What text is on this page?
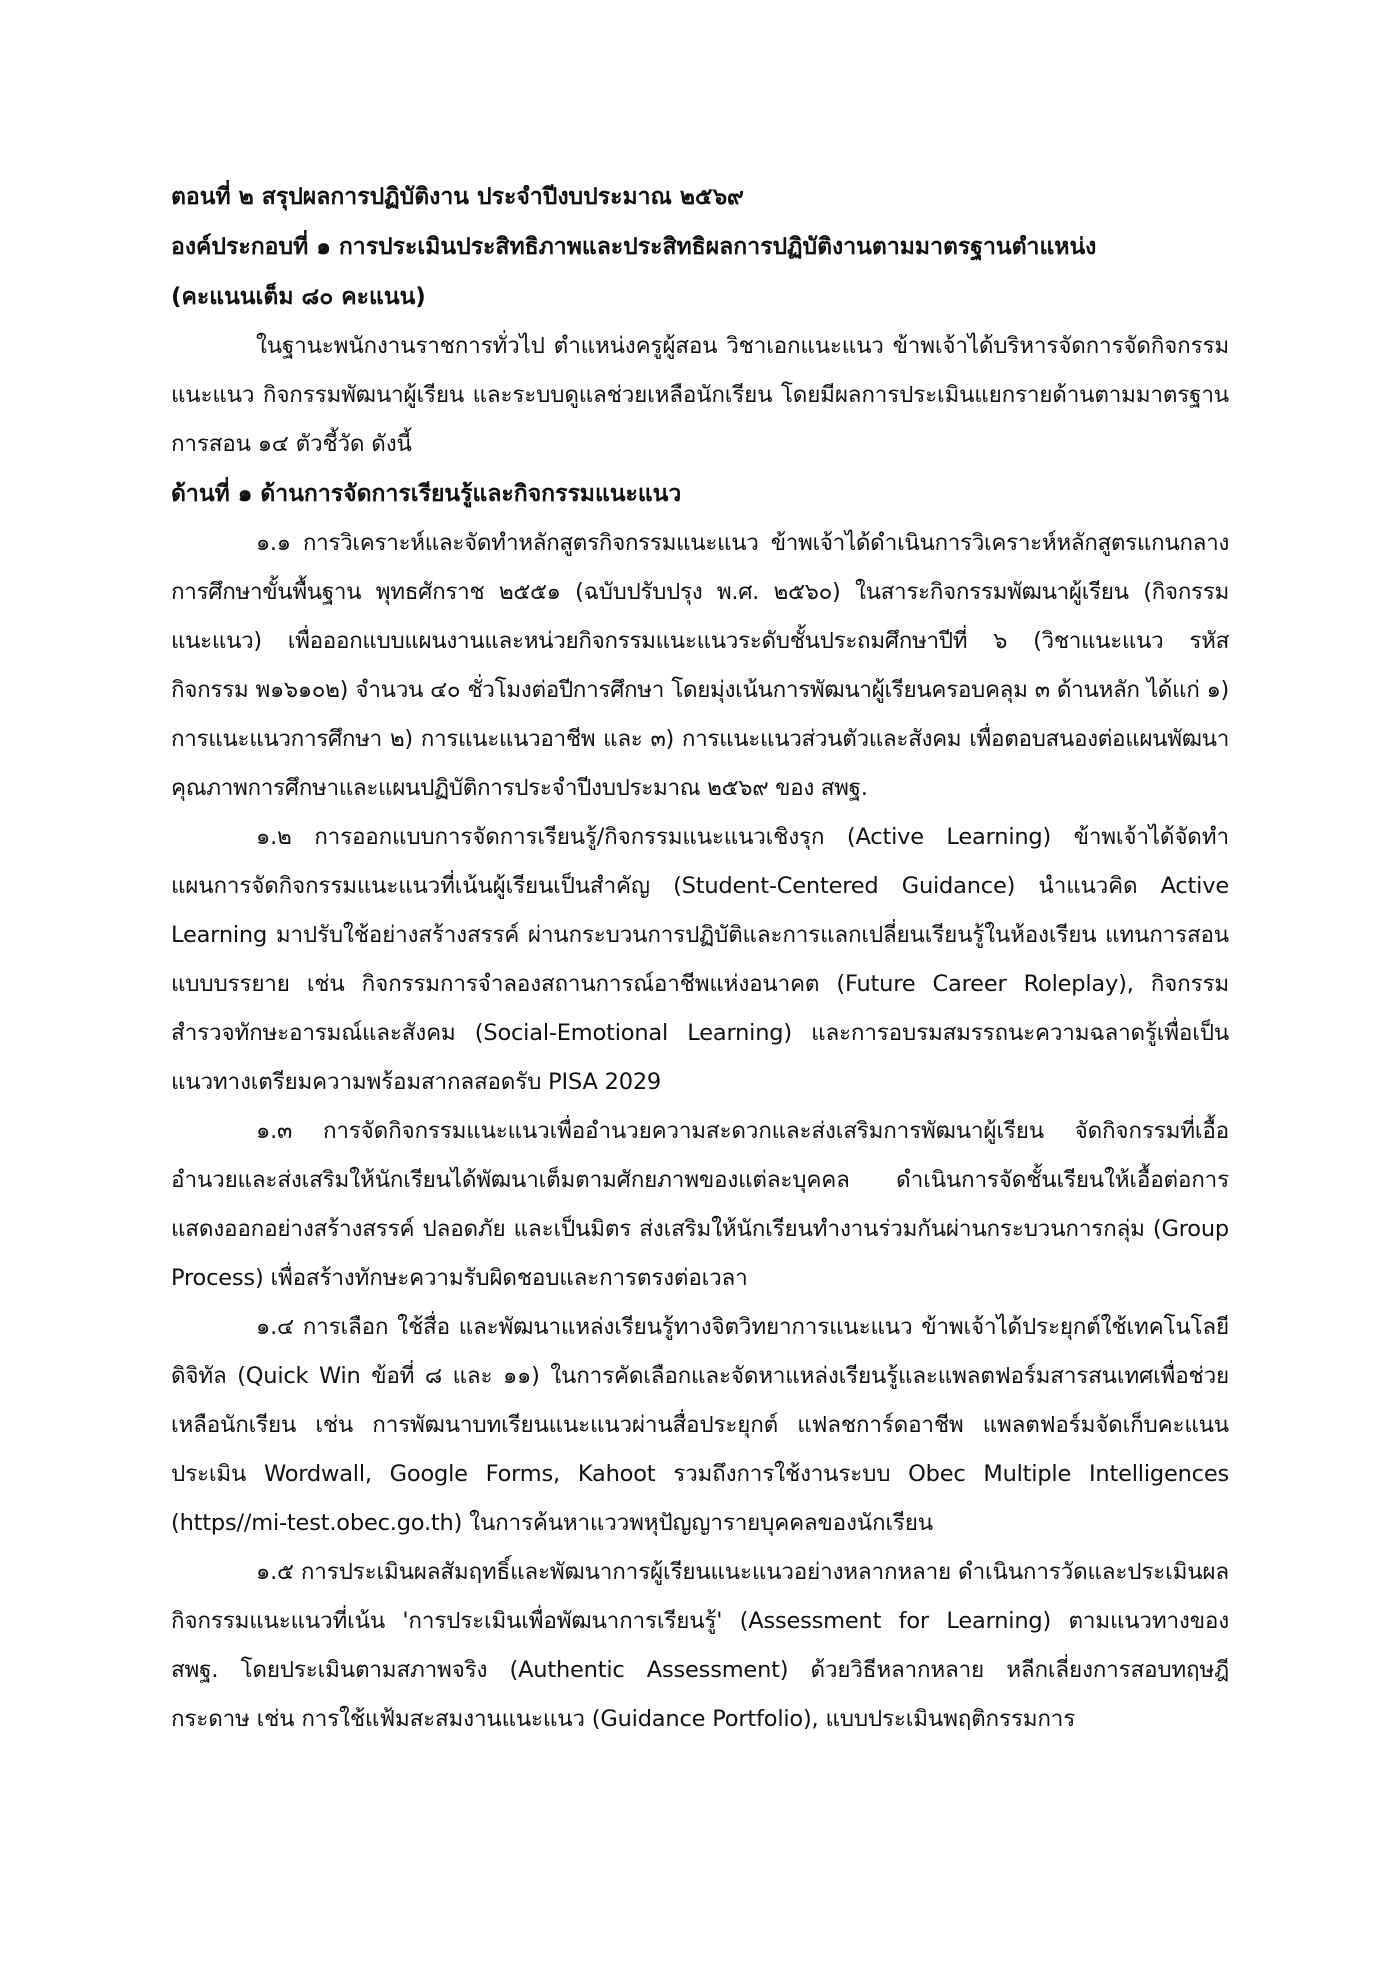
ตอนที่ ๒ สรุปผลการปฏิบัติงาน ประจำปีงบประมาณ ๒๕๖๙

องค์ประกอบที่ ๑ การประเมินประสิทธิภาพและประสิทธิผลการปฏิบัติงานตามมาตรฐานตำแหน่ง

(คะแนนเต็ม ๘๐ คะแนน)

ในฐานะพนักงานราชการทั่วไป ตำแหน่งครูผู้สอน วิชาเอกแนะแนว ข้าพเจ้าได้บริหารจัดการจัดกิจกรรมแนะแนว กิจกรรมพัฒนาผู้เรียน และระบบดูแลช่วยเหลือนักเรียน โดยมีผลการประเมินแยกรายด้านตามมาตรฐานการสอน ๑๔ ตัวชี้วัด ดังนี้

ด้านที่ ๑ ด้านการจัดการเรียนรู้และกิจกรรมแนะแนว

๑.๑ การวิเคราะห์และจัดทำหลักสูตรกิจกรรมแนะแนว ข้าพเจ้าได้ดำเนินการวิเคราะห์หลักสูตรแกนกลางการศึกษาขั้นพื้นฐาน พุทธศักราช ๒๕๕๑ (ฉบับปรับปรุง พ.ศ. ๒๕๖๐) ในสาระกิจกรรมพัฒนาผู้เรียน (กิจกรรมแนะแนว) เพื่อออกแบบแผนงานและหน่วยกิจกรรมแนะแนวระดับชั้นประถมศึกษาปีที่ ๖ (วิชาแนะแนว รหัสกิจกรรม พ๑๖๑๐๒) จำนวน ๔๐ ชั่วโมงต่อปีการศึกษา โดยมุ่งเน้นการพัฒนาผู้เรียนครอบคลุม ๓ ด้านหลัก ได้แก่ ๑) การแนะแนวการศึกษา ๒) การแนะแนวอาชีพ และ ๓) การแนะแนวส่วนตัวและสังคม เพื่อตอบสนองต่อแผนพัฒนาคุณภาพการศึกษาและแผนปฏิบัติการประจำปีงบประมาณ ๒๕๖๙ ของ สพฐ.

๑.๒ การออกแบบการจัดการเรียนรู้/กิจกรรมแนะแนวเชิงรุก (Active Learning) ข้าพเจ้าได้จัดทำแผนการจัดกิจกรรมแนะแนวที่เน้นผู้เรียนเป็นสำคัญ (Student-Centered Guidance) นำแนวคิด Active Learning มาปรับใช้อย่างสร้างสรรค์ ผ่านกระบวนการปฏิบัติและการแลกเปลี่ยนเรียนรู้ในห้องเรียน แทนการสอนแบบบรรยาย เช่น กิจกรรมการจำลองสถานการณ์อาชีพแห่งอนาคต (Future Career Roleplay), กิจกรรมสำรวจทักษะอารมณ์และสังคม (Social-Emotional Learning) และการอบรมสมรรถนะความฉลาดรู้เพื่อเป็นแนวทางเตรียมความพร้อมสากลสอดรับ PISA 2029

๑.๓ การจัดกิจกรรมแนะแนวเพื่ออำนวยความสะดวกและส่งเสริมการพัฒนาผู้เรียน จัดกิจกรรมที่เอื้ออำนวยและส่งเสริมให้นักเรียนได้พัฒนาเต็มตามศักยภาพของแต่ละบุคคล ดำเนินการจัดชั้นเรียนให้เอื้อต่อการแสดงออกอย่างสร้างสรรค์ ปลอดภัย และเป็นมิตร ส่งเสริมให้นักเรียนทำงานร่วมกันผ่านกระบวนการกลุ่ม (Group Process) เพื่อสร้างทักษะความรับผิดชอบและการตรงต่อเวลา

๑.๔ การเลือก ใช้สื่อ และพัฒนาแหล่งเรียนรู้ทางจิตวิทยาการแนะแนว ข้าพเจ้าได้ประยุกต์ใช้เทคโนโลยีดิจิทัล (Quick Win ข้อที่ ๘ และ ๑๑) ในการคัดเลือกและจัดหาแหล่งเรียนรู้และแพลตฟอร์มสารสนเทศเพื่อช่วยเหลือนักเรียน เช่น การพัฒนาบทเรียนแนะแนวผ่านสื่อประยุกต์ แฟลชการ์ดอาชีพ แพลตฟอร์มจัดเก็บคะแนนประเมิน Wordwall, Google Forms, Kahoot รวมถึงการใช้งานระบบ Obec Multiple Intelligences (https//mi-test.obec.go.th) ในการค้นหาแววพหุปัญญารายบุคคลของนักเรียน

๑.๕ การประเมินผลสัมฤทธิ์และพัฒนาการผู้เรียนแนะแนวอย่างหลากหลาย ดำเนินการวัดและประเมินผลกิจกรรมแนะแนวที่เน้น 'การประเมินเพื่อพัฒนาการเรียนรู้' (Assessment for Learning) ตามแนวทางของ สพฐ. โดยประเมินตามสภาพจริง (Authentic Assessment) ด้วยวิธีหลากหลาย หลีกเลี่ยงการสอบทฤษฎีกระดาษ เช่น การใช้แฟ้มสะสมงานแนะแนว (Guidance Portfolio), แบบประเมินพฤติกรรมการ
